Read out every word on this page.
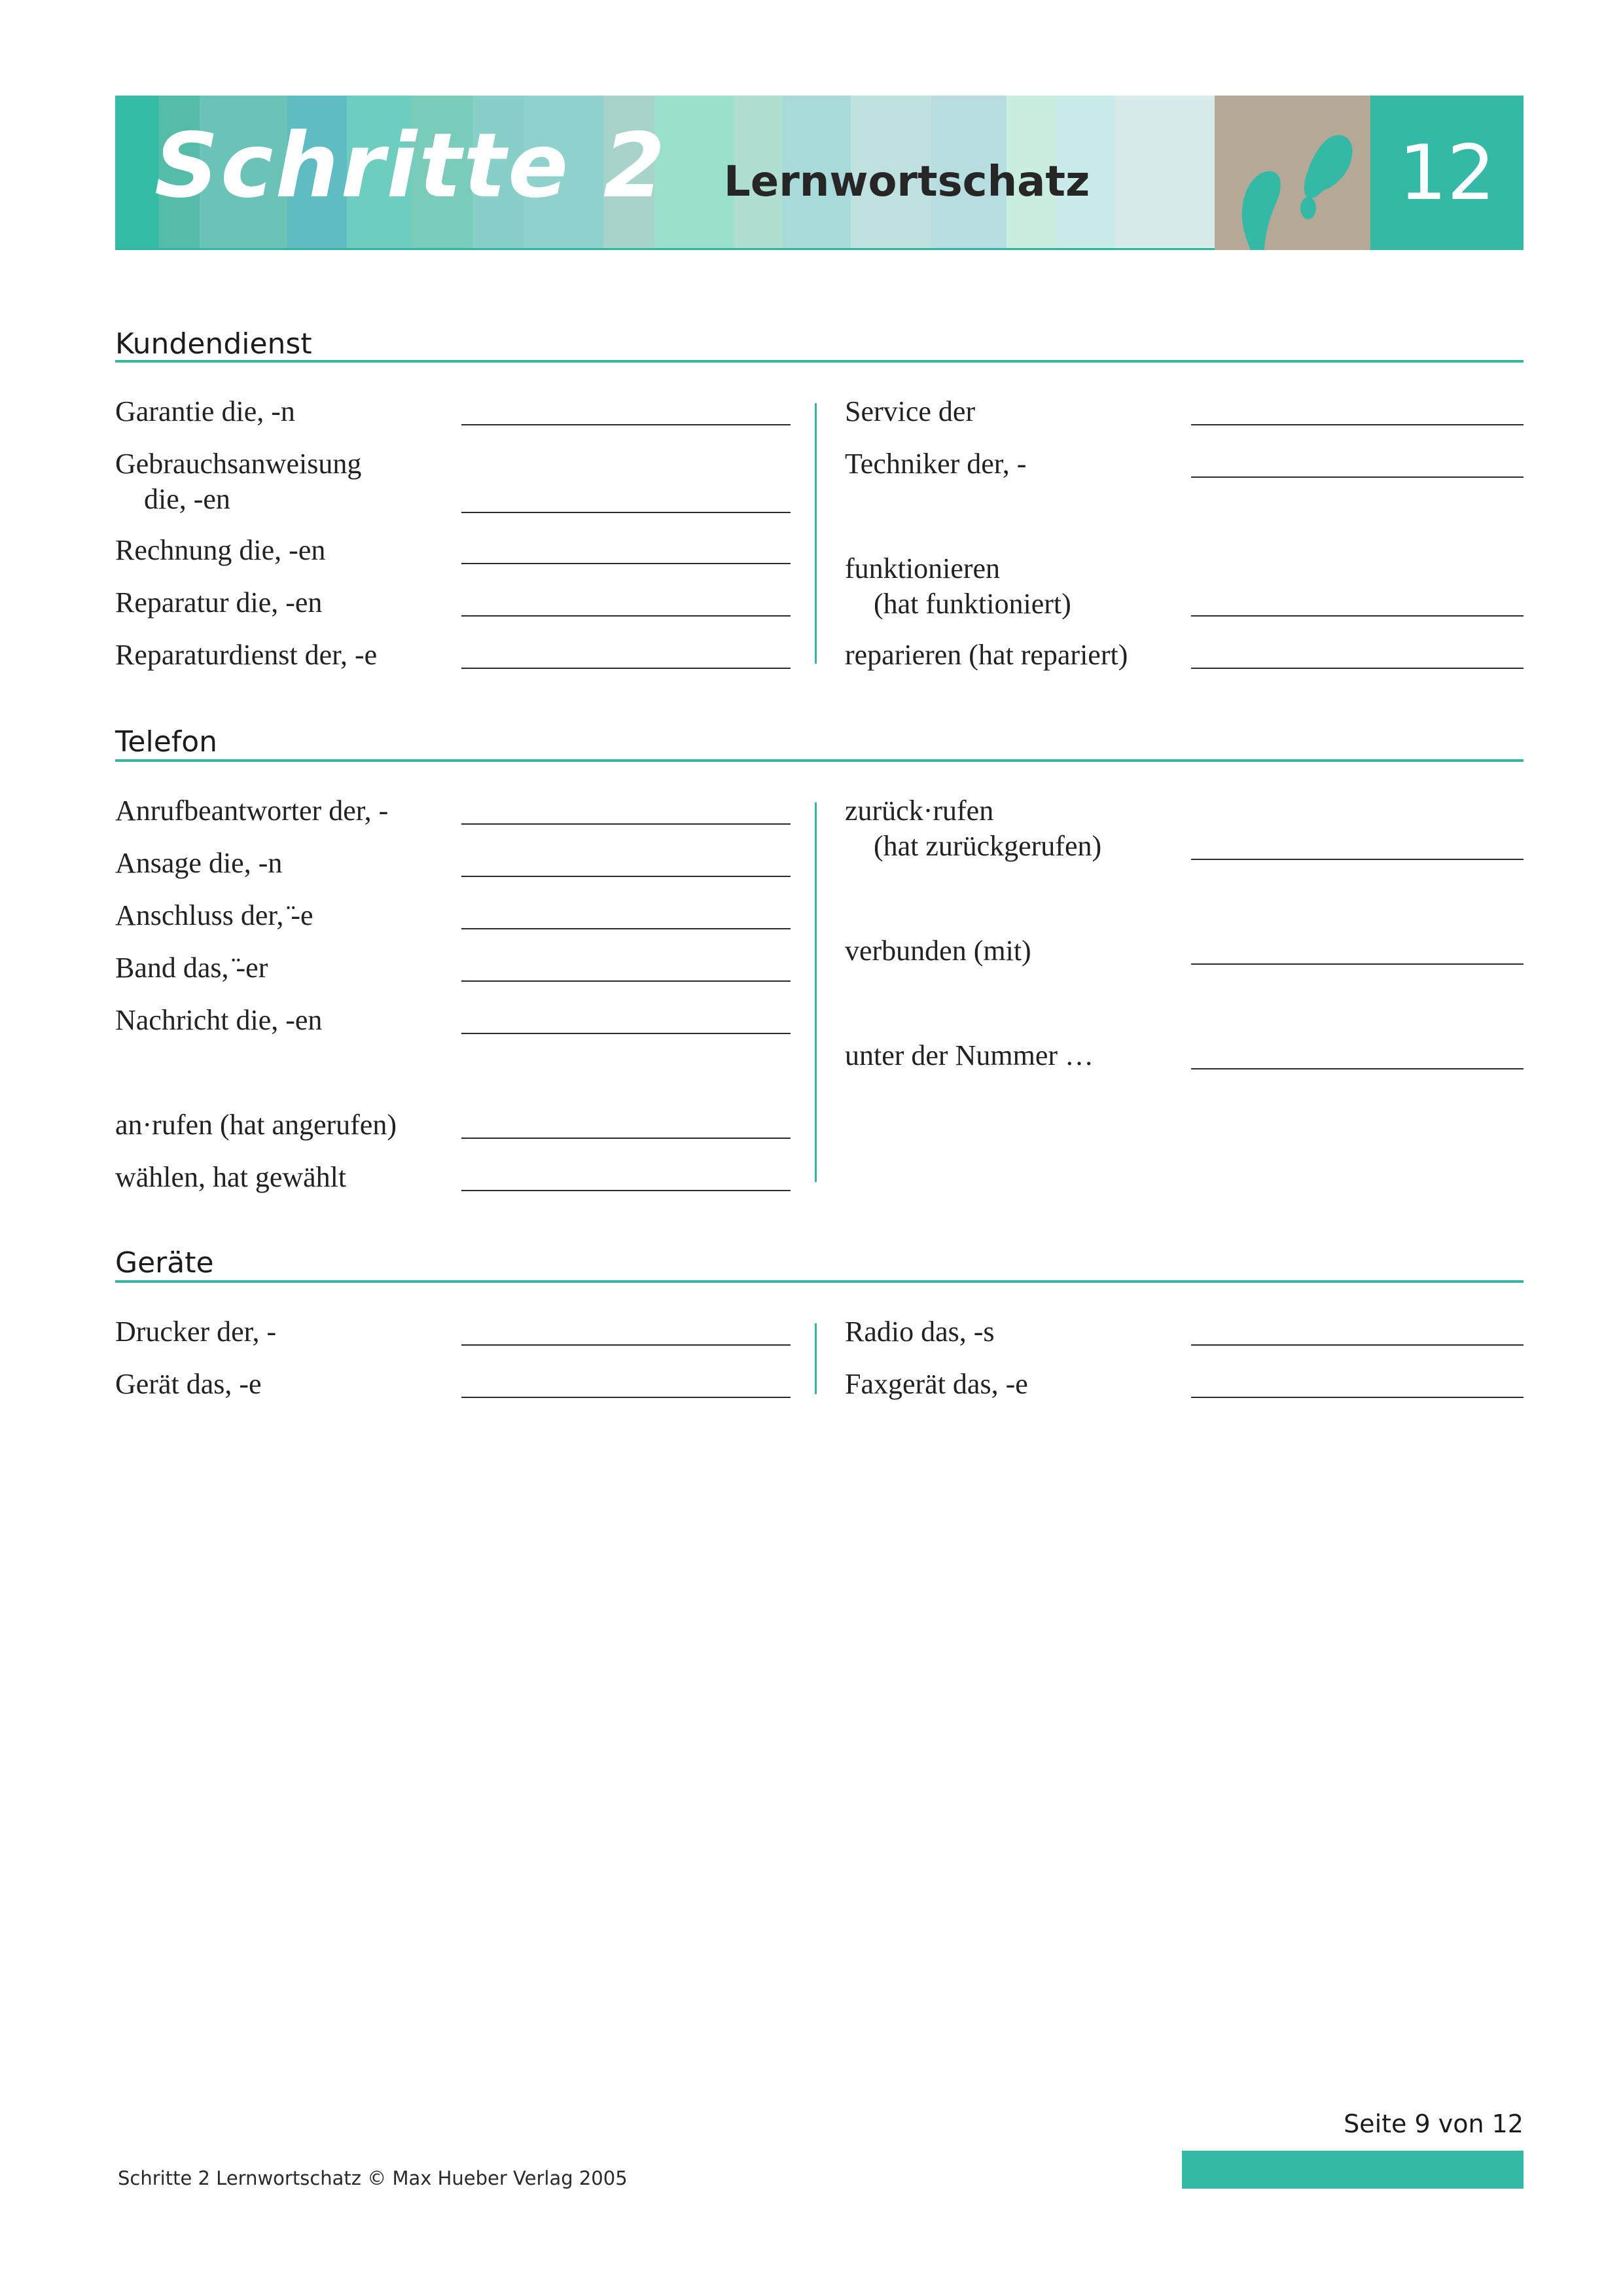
Schritte 2 Lernwortschatz	12
Kundendienst
Garantie die, -n
Gebrauchsanweisung
die, -en
Rechnung die, -en
Reparatur die, -en
Reparaturdienst der, -e
Service der
Techniker der, -
funktionieren
(hat funktioniert)
reparieren (hat repariert)
Telefon
Anrufbeantworter der, -
Ansage die, -n
Anschluss der, ̈-e
Band das, ̈-er
Nachricht die, -en
an·rufen (hat angerufen)
wählen, hat gewählt
zurück·rufen
(hat zurückgerufen)
verbunden (mit)
unter der Nummer …
Geräte
Drucker der, -
Gerät das, -e
Radio das, -s
Faxgerät das, -e
Seite 9 von 12
Schritte 2 Lernwortschatz © Max Hueber Verlag 2005
